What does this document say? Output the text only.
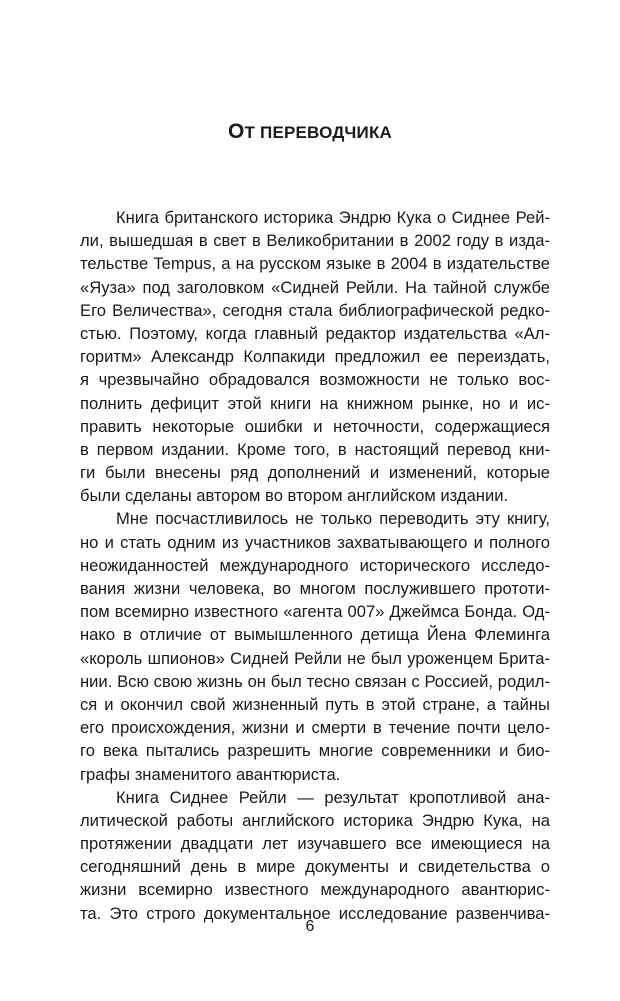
ОТ ПЕРЕВОДЧИКА
Книга британского историка Эндрю Кука о Сиднее Рей-
ли, вышедшая в свет в Великобритании в 2002 году в изда-
тельстве Tempus, а на русском языке в 2004 в издательстве
«Яуза» под заголовком «Сидней Рейли. На тайной службе
Его Величества», сегодня стала библиографической редко-
стью. Поэтому, когда главный редактор издательства «Ал-
горитм» Александр Колпакиди предложил ее переиздать,
я чрезвычайно обрадовался возможности не только вос-
полнить дефицит этой книги на книжном рынке, но и ис-
править некоторые ошибки и неточности, содержащиеся
в первом издании. Кроме того, в настоящий перевод кни-
ги были внесены ряд дополнений и изменений, которые
были сделаны автором во втором английском издании.
Мне посчастливилось не только переводить эту книгу,
но и стать одним из участников захватывающего и полного
неожиданностей международного исторического исследо-
вания жизни человека, во многом послужившего прототи-
пом всемирно известного «агента 007» Джеймса Бонда. Од-
нако в отличие от вымышленного детища Йена Флеминга
«король шпионов» Сидней Рейли не был уроженцем Брита-
нии. Всю свою жизнь он был тесно связан с Россией, родил-
ся и окончил свой жизненный путь в этой стране, а тайны
его происхождения, жизни и смерти в течение почти цело-
го века пытались разрешить многие современники и био-
графы знаменитого авантюриста.
Книга Сиднее Рейли — результат кропотливой ана-
литической работы английского историка Эндрю Кука, на
протяжении двадцати лет изучавшего все имеющиеся на
сегодняшний день в мире документы и свидетельства о
жизни всемирно известного международного авантюрис-
та. Это строго документальное исследование развенчива-
6
